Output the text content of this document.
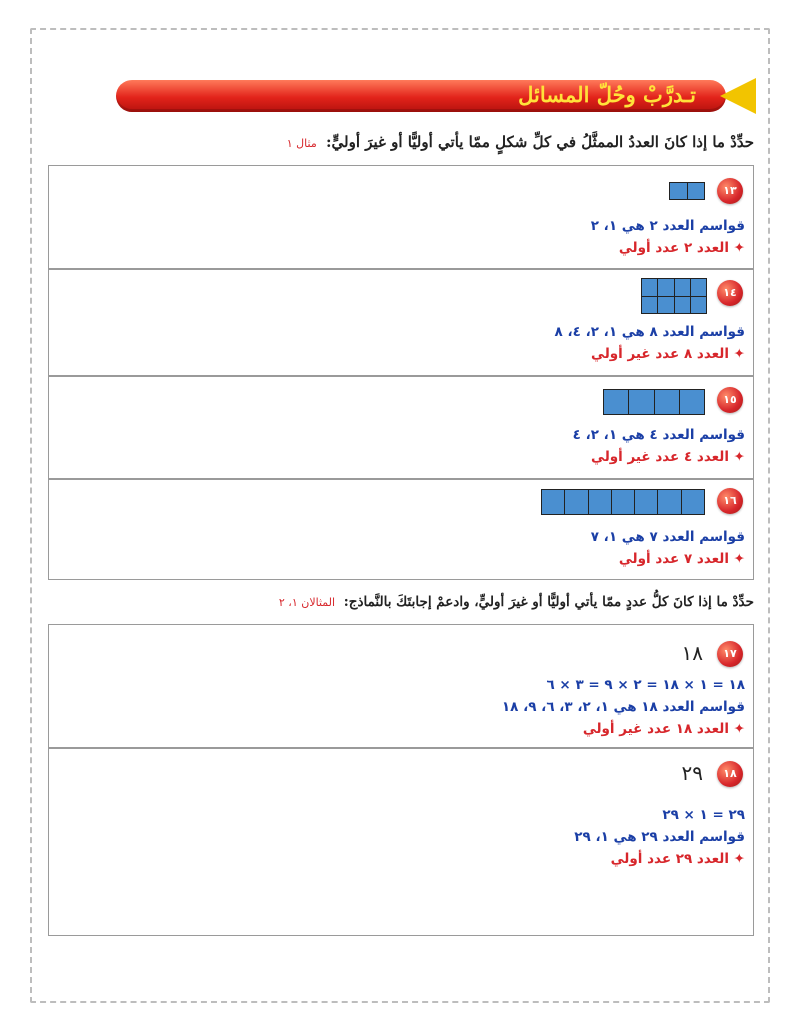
تـدرَّبْ وحُلّ المسائل
حدِّدْ ما إذا كانَ العددُ الممثَّلُ في كلِّ شكلٍ ممّا يأتي أوليًّا أو غيرَ أوليٍّ: مثال ١
١٣
قواسم العدد ٢ هي ١، ٢
✦ العدد ٢ عدد أولي
١٤
قواسم العدد ٨ هي ١، ٢، ٤، ٨
✦ العدد ٨ عدد غير أولي
١٥
قواسم العدد ٤ هي ١، ٢، ٤
✦ العدد ٤ عدد غير أولي
١٦
قواسم العدد ٧ هي ١، ٧
✦ العدد ٧ عدد أولي
حدِّدْ ما إذا كانَ كلُّ عددٍ ممّا يأتي أوليًّا أو غيرَ أوليٍّ، وادعمْ إجابتَكَ بالنَّماذج: المثالان ١، ٢
١٧
١٨
١٨ = ١ × ١٨ = ٢ × ٩ = ٣ × ٦
قواسم العدد ١٨ هي ١، ٢، ٣، ٦، ٩، ١٨
✦ العدد ١٨ عدد غير أولي
١٨
٢٩
٢٩ = ١ × ٢٩
قواسم العدد ٢٩ هي ١، ٢٩
✦ العدد ٢٩ عدد أولي
